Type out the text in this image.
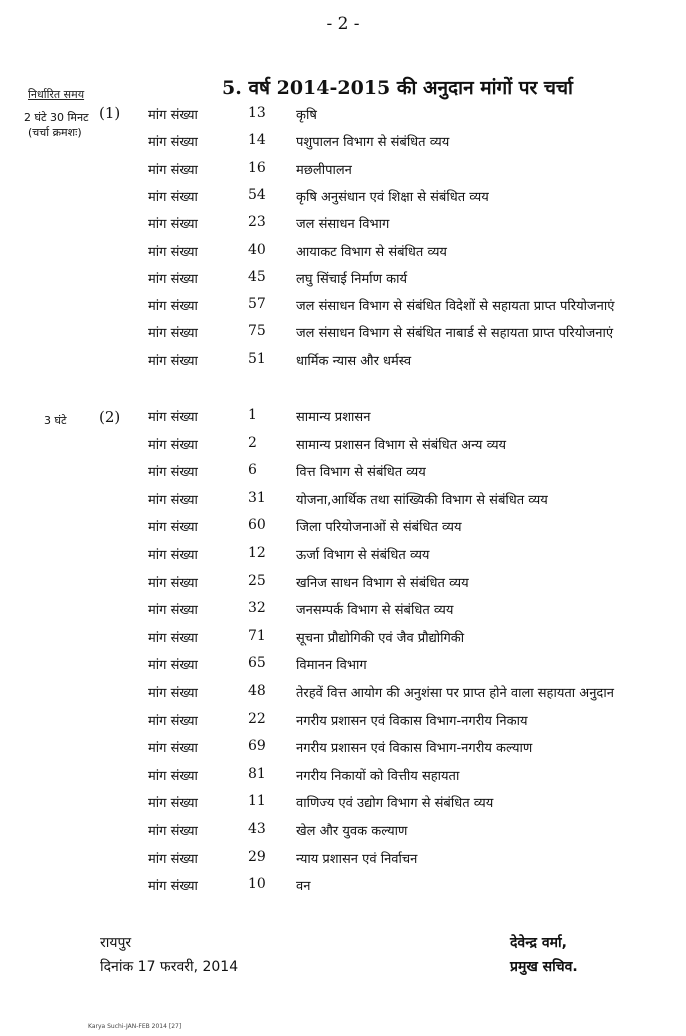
- 2 -
5. वर्ष 2014-2015 की अनुदान मांगों पर चर्चा
निर्धारित समय
2 घंटे 30 मिनट
(चर्चा क्रमशः)
(1)
3 घंटे (2)
मांग संख्या	13 कृषि
मांग संख्या	14 पशुपालन विभाग से संबंधित व्यय
मांग संख्या	16 मछलीपालन
मांग संख्या	54 कृषि अनुसंधान एवं शिक्षा से संबंधित व्यय
मांग संख्या	23 जल संसाधन विभाग
मांग संख्या	40 आयाकट विभाग से संबंधित व्यय
मांग संख्या	45 लघु सिंचाई निर्माण कार्य
मांग संख्या	57 जल संसाधन विभाग से संबंधित विदेशों से सहायता प्राप्त परियोजनाएं
मांग संख्या	75 जल संसाधन विभाग से संबंधित नाबार्ड से सहायता प्राप्त परियोजनाएं
मांग संख्या	51 धार्मिक न्यास और धर्मस्व
मांग संख्या	1	सामान्य प्रशासन
मांग संख्या	2	सामान्य प्रशासन विभाग से संबंधित अन्य व्यय
मांग संख्या	6	वित्त विभाग से संबंधित व्यय
मांग संख्या	31 योजना,आर्थिक तथा सांख्यिकी विभाग से संबंधित व्यय
मांग संख्या	60 जिला परियोजनाओं से संबंधित व्यय
मांग संख्या	12 ऊर्जा विभाग से संबंधित व्यय
मांग संख्या	25 खनिज साधन विभाग से संबंधित व्यय
मांग संख्या	32 जनसम्पर्क विभाग से संबंधित व्यय
मांग संख्या	71 सूचना प्रौद्योगिकी एवं जैव प्रौद्योगिकी
मांग संख्या	65 विमानन विभाग
मांग संख्या	48 तेरहवें वित्त आयोग की अनुशंसा पर प्राप्त होने वाला सहायता अनुदान
मांग संख्या	22 नगरीय प्रशासन एवं विकास विभाग-नगरीय निकाय
मांग संख्या	69 नगरीय प्रशासन एवं विकास विभाग-नगरीय कल्याण
मांग संख्या	81 नगरीय निकायों को वित्तीय सहायता
मांग संख्या	11 वाणिज्य एवं उद्योग विभाग से संबंधित व्यय
मांग संख्या	43 खेल और युवक कल्याण
मांग संख्या	29 न्याय प्रशासन एवं निर्वाचन
मांग संख्या	10 वन
रायपुर
दिनांक 17 फरवरी, 2014
देवेन्द्र वर्मा,
प्रमुख सचिव.
Karya Suchi-JAN-FEB 2014 [27]
